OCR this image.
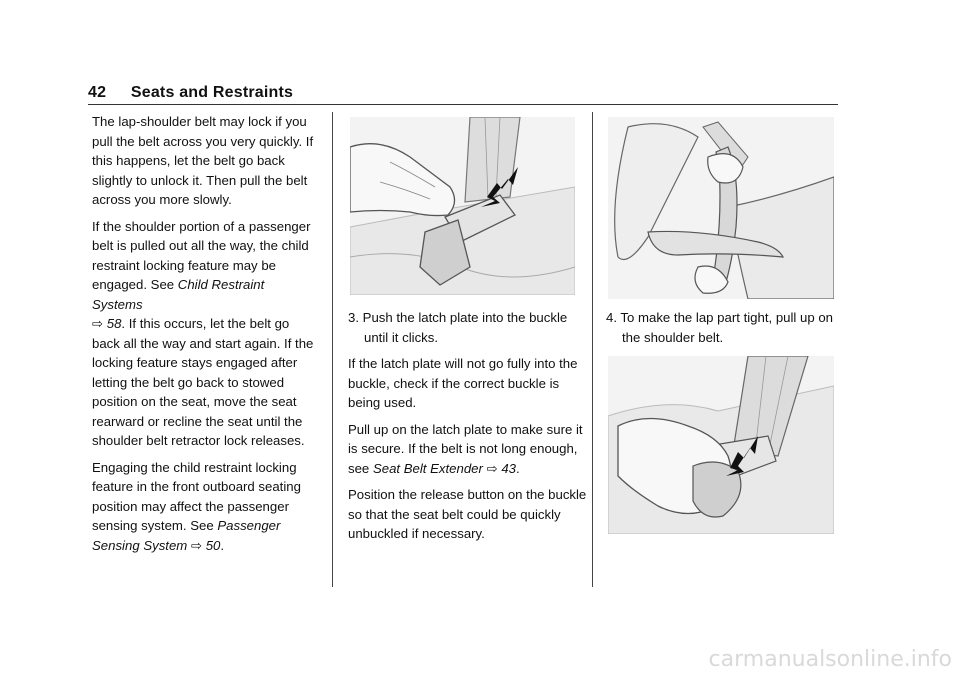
42 Seats and Restraints

The lap-shoulder belt may lock if you pull the belt across you very quickly. If this happens, let the belt go back slightly to unlock it. Then pull the belt across you more slowly.

If the shoulder portion of a passenger belt is pulled out all the way, the child restraint locking feature may be engaged. See Child Restraint Systems
⇨ 58. If this occurs, let the belt go back all the way and start again. If the locking feature stays engaged after letting the belt go back to stowed position on the seat, move the seat rearward or recline the seat until the shoulder belt retractor lock releases.

Engaging the child restraint locking feature in the front outboard seating position may affect the passenger sensing system. See Passenger Sensing System ⇨ 50.

3. Push the latch plate into the buckle until it clicks.

If the latch plate will not go fully into the buckle, check if the correct buckle is being used.

Pull up on the latch plate to make sure it is secure. If the belt is not long enough, see Seat Belt Extender ⇨ 43.

Position the release button on the buckle so that the seat belt could be quickly unbuckled if necessary.

4. To make the lap part tight, pull up on the shoulder belt.

carmanualsonline.info
